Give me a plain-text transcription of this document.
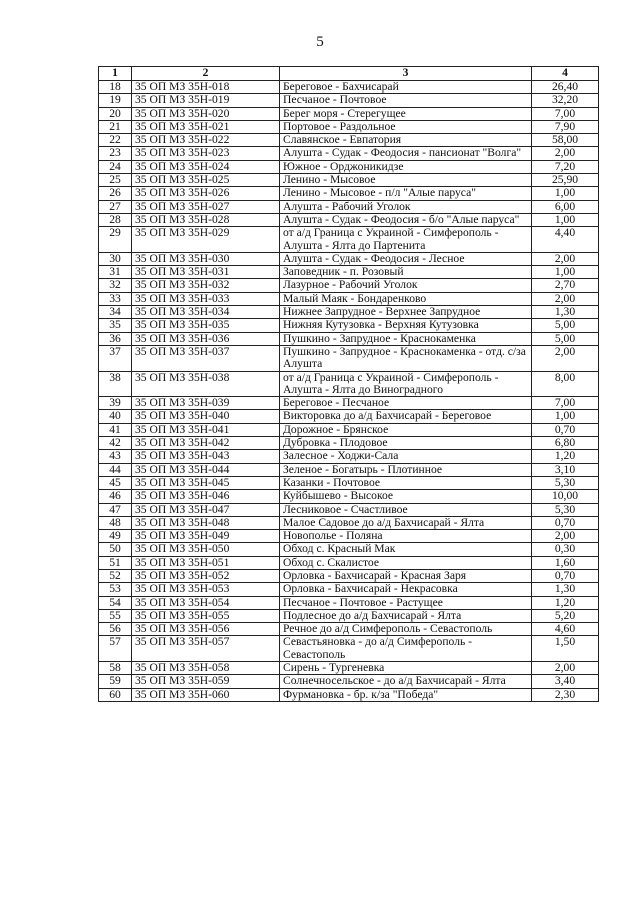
5
1	2	3	4
18	35 ОП МЗ 35Н-018	Береговое - Бахчисарай	26,40
19	35 ОП МЗ 35Н-019	Песчаное - Почтовое	32,20
20	35 ОП МЗ 35Н-020	Берег моря - Стерегущее	7,00
21	35 ОП МЗ 35Н-021	Портовое - Раздольное	7,90
22	35 ОП МЗ 35Н-022	Славянское - Евпатория	58,00
23	35 ОП МЗ 35Н-023	Алушта - Судак - Феодосия - пансионат "Волга"	2,00
24	35 ОП МЗ 35Н-024	Южное - Орджоникидзе	7,20
25	35 ОП МЗ 35Н-025	Ленино - Мысовое	25,90
26	35 ОП МЗ 35Н-026	Ленино - Мысовое - п/л "Алые паруса"	1,00
27	35 ОП МЗ 35Н-027	Алушта - Рабочий Уголок	6,00
28	35 ОП МЗ 35Н-028	Алушта - Судак - Феодосия - б/о "Алые паруса"	1,00
29	35 ОП МЗ 35Н-029	от а/д Граница с Украиной - Симферополь - Алушта - Ялта до Партенита	4,40
30	35 ОП МЗ 35Н-030	Алушта - Судак - Феодосия - Лесное	2,00
31	35 ОП МЗ 35Н-031	Заповедник - п. Розовый	1,00
32	35 ОП МЗ 35Н-032	Лазурное - Рабочий Уголок	2,70
33	35 ОП МЗ 35Н-033	Малый Маяк - Бондаренково	2,00
34	35 ОП МЗ 35Н-034	Нижнее Запрудное - Верхнее Запрудное	1,30
35	35 ОП МЗ 35Н-035	Нижняя Кутузовка - Верхняя Кутузовка	5,00
36	35 ОП МЗ 35Н-036	Пушкино - Запрудное - Краснокаменка	5,00
37	35 ОП МЗ 35Н-037	Пушкино - Запрудное - Краснокаменка - отд. с/за Алушта	2,00
38	35 ОП МЗ 35Н-038	от а/д Граница с Украиной - Симферополь - Алушта - Ялта до Виноградного	8,00
39	35 ОП МЗ 35Н-039	Береговое - Песчаное	7,00
40	35 ОП МЗ 35Н-040	Викторовка до а/д Бахчисарай - Береговое	1,00
41	35 ОП МЗ 35Н-041	Дорожное - Брянское	0,70
42	35 ОП МЗ 35Н-042	Дубровка - Плодовое	6,80
43	35 ОП МЗ 35Н-043	Залесное - Ходжи-Сала	1,20
44	35 ОП МЗ 35Н-044	Зеленое - Богатырь - Плотинное	3,10
45	35 ОП МЗ 35Н-045	Казанки - Почтовое	5,30
46	35 ОП МЗ 35Н-046	Куйбышево - Высокое	10,00
47	35 ОП МЗ 35Н-047	Лесниковое - Счастливое	5,30
48	35 ОП МЗ 35Н-048	Малое Садовое до а/д Бахчисарай - Ялта	0,70
49	35 ОП МЗ 35Н-049	Новополье - Поляна	2,00
50	35 ОП МЗ 35Н-050	Обход с. Красный Мак	0,30
51	35 ОП МЗ 35Н-051	Обход с. Скалистое	1,60
52	35 ОП МЗ 35Н-052	Орловка - Бахчисарай - Красная Заря	0,70
53	35 ОП МЗ 35Н-053	Орловка - Бахчисарай - Некрасовка	1,30
54	35 ОП МЗ 35Н-054	Песчаное - Почтовое - Растущее	1,20
55	35 ОП МЗ 35Н-055	Подлесное до а/д Бахчисарай - Ялта	5,20
56	35 ОП МЗ 35Н-056	Речное до а/д Симферополь - Севастополь	4,60
57	35 ОП МЗ 35Н-057	Севастьяновка - до а/д Симферополь - Севастополь	1,50
58	35 ОП МЗ 35Н-058	Сирень - Тургеневка	2,00
59	35 ОП МЗ 35Н-059	Солнечносельское - до а/д Бахчисарай - Ялта	3,40
60	35 ОП МЗ 35Н-060	Фурмановка - бр. к/за "Победа"	2,30
